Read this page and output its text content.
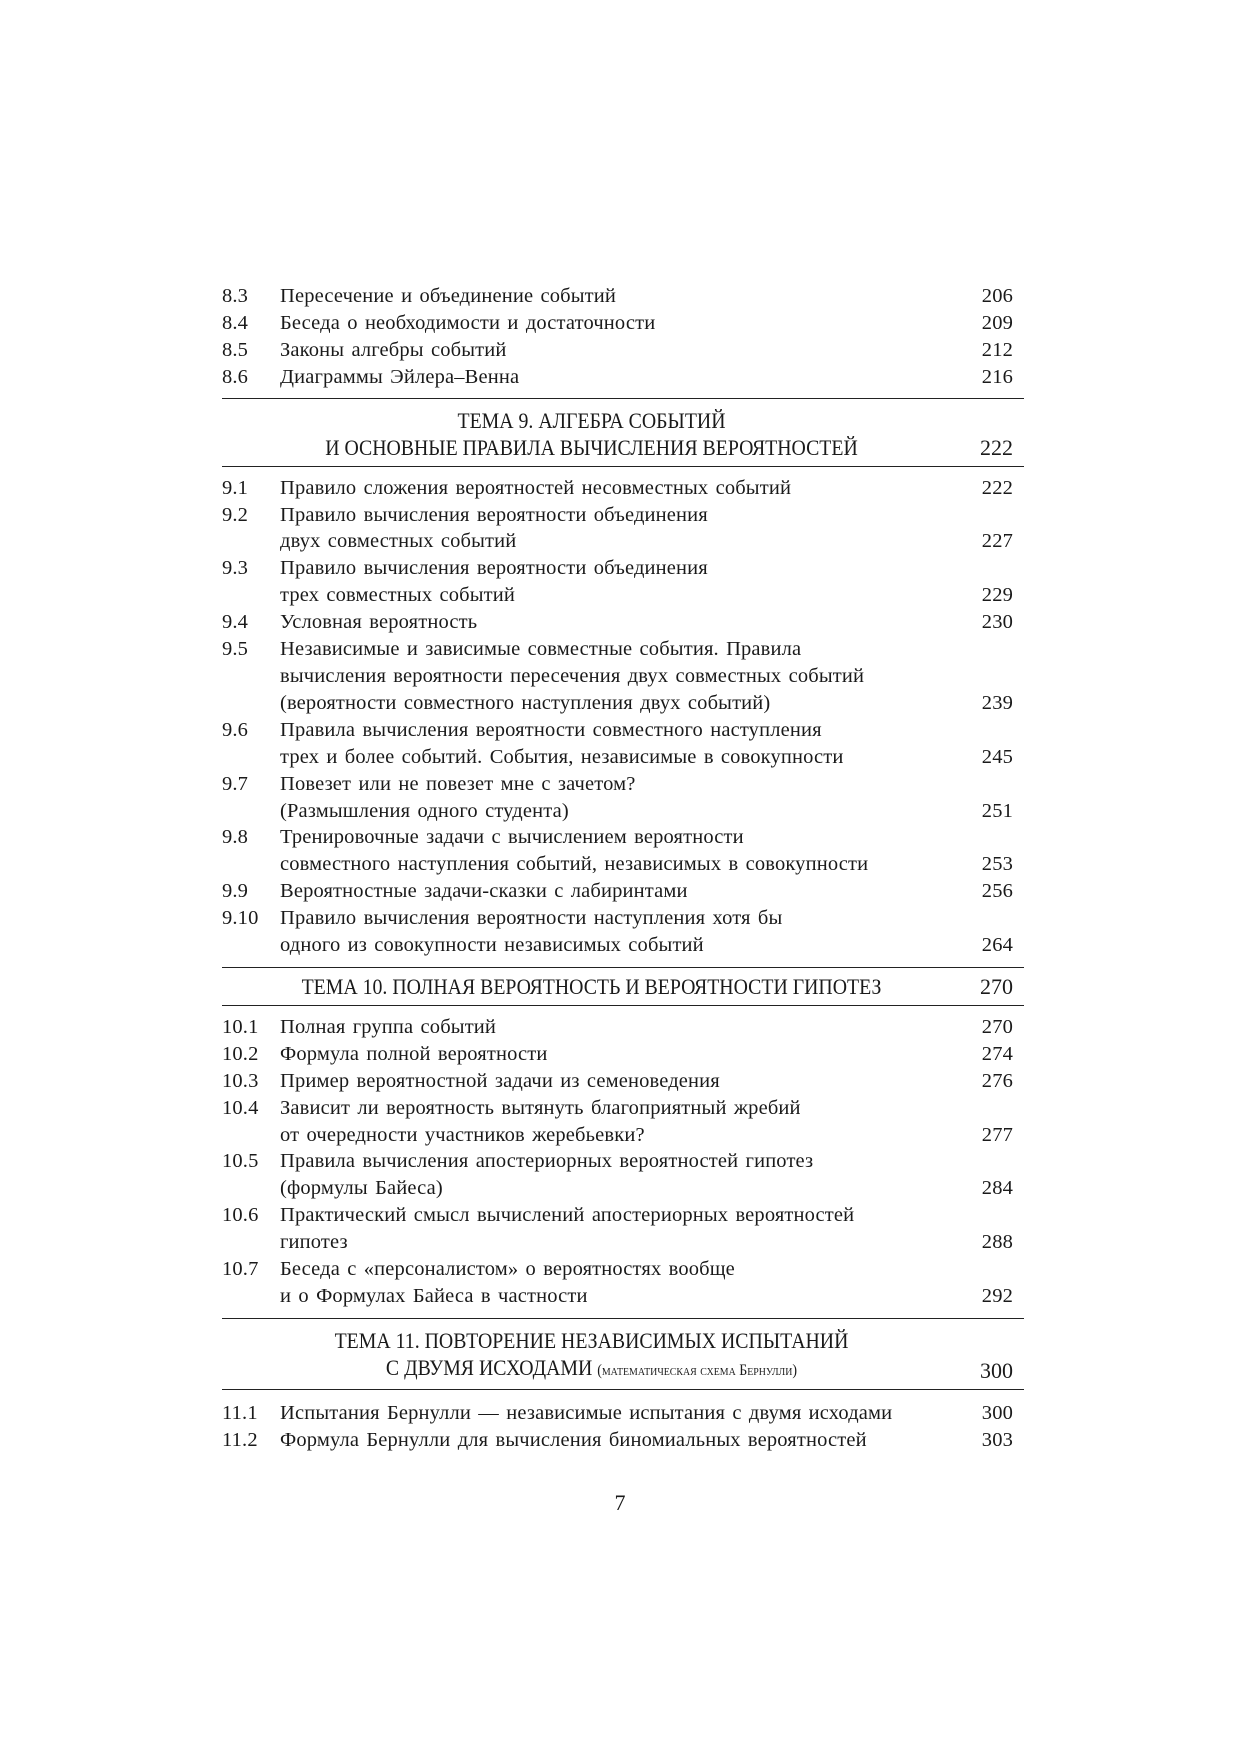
8.3	Пересечение и объединение событий	206
8.4	Беседа о необходимости и достаточности	209
8.5	Законы алгебры событий	212
8.6	Диаграммы Эйлера–Венна	216
ТЕМА 9. АЛГЕБРА СОБЫТИЙ
И ОСНОВНЫЕ ПРАВИЛА ВЫЧИСЛЕНИЯ ВЕРОЯТНОСТЕЙ	222
9.1	Правило сложения вероятностей несовместных событий	222
9.2	Правило вычисления вероятности объединения
двух совместных событий	227
9.3	Правило вычисления вероятности объединения
трех совместных событий	229
9.4	Условная вероятность	230
9.5	Независимые и зависимые совместные события. Правила
вычисления вероятности пересечения двух совместных событий
(вероятности совместного наступления двух событий)	239
9.6	Правила вычисления вероятности совместного наступления
трех и более событий. События, независимые в совокупности	245
9.7	Повезет или не повезет мне с зачетом?
(Размышления одного студента)	251
9.8	Тренировочные задачи с вычислением вероятности
совместного наступления событий, независимых в совокупности	253
9.9	Вероятностные задачи-сказки с лабиринтами	256
9.10	Правило вычисления вероятности наступления хотя бы
одного из совокупности независимых событий	264
ТЕМА 10. ПОЛНАЯ ВЕРОЯТНОСТЬ И ВЕРОЯТНОСТИ ГИПОТЕЗ	270
10.1	Полная группа событий	270
10.2	Формула полной вероятности	274
10.3	Пример вероятностной задачи из семеноведения	276
10.4	Зависит ли вероятность вытянуть благоприятный жребий
от очередности участников жеребьевки?	277
10.5	Правила вычисления апостериорных вероятностей гипотез
(формулы Байеса)	284
10.6	Практический смысл вычислений апостериорных вероятностей
гипотез	288
10.7	Беседа с «персоналистом» о вероятностях вообще
и о Формулах Байеса в частности	292
ТЕМА 11. ПОВТОРЕНИЕ НЕЗАВИСИМЫХ ИСПЫТАНИЙ
С ДВУМЯ ИСХОДАМИ (математическая схема Бернулли)	300
11.1	Испытания Бернулли — независимые испытания с двумя исходами	300
11.2	Формула Бернулли для вычисления биномиальных вероятностей	303
7
